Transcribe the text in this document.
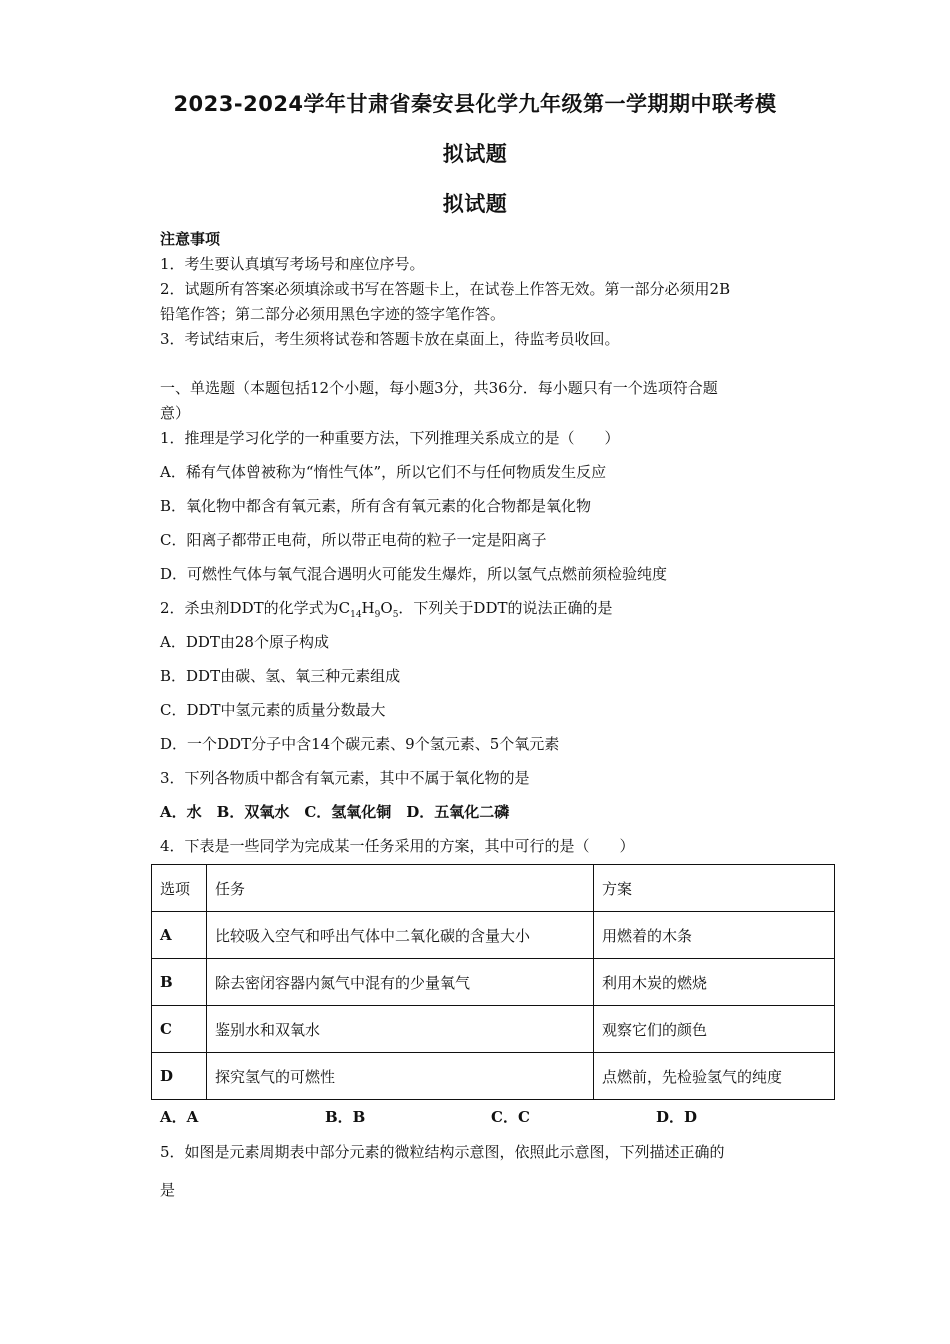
2023-2024学年甘肃省秦安县化学九年级第一学期期中联考模
拟试题
拟试题
注意事项
1．考生要认真填写考场号和座位序号。
2．试题所有答案必须填涂或书写在答题卡上，在试卷上作答无效。第一部分必须用2B
铅笔作答；第二部分必须用黑色字迹的签字笔作答。
3．考试结束后，考生须将试卷和答题卡放在桌面上，待监考员收回。
一、单选题（本题包括12个小题，每小题3分，共36分．每小题只有一个选项符合题
意）
1．推理是学习化学的一种重要方法，下列推理关系成立的是（　　）
A．稀有气体曾被称为“惰性气体”，所以它们不与任何物质发生反应
B．氧化物中都含有氧元素，所有含有氧元素的化合物都是氧化物
C．阳离子都带正电荷，所以带正电荷的粒子一定是阳离子
D．可燃性气体与氧气混合遇明火可能发生爆炸，所以氢气点燃前须检验纯度
2．杀虫剂DDT的化学式为$C_{14}H_9O_5$．下列关于DDT的说法正确的是
A．DDT由28个原子构成
B．DDT由碳、氢、氧三种元素组成
C．DDT中氢元素的质量分数最大
D．一个DDT分子中含14个碳元素、9个氢元素、5个氧元素
3．下列各物质中都含有氧元素，其中不属于氧化物的是
A．水　B．双氧水　C．氢氧化铜　D．五氧化二磷
4．下表是一些同学为完成某一任务采用的方案，其中可行的是（　　）
选项	任务	方案
A	比较吸入空气和呼出气体中二氧化碳的含量大小	用燃着的木条
B	除去密闭容器内氮气中混有的少量氧气	利用木炭的燃烧
C	鉴别水和双氧水	观察它们的颜色
D	探究氢气的可燃性	点燃前，先检验氢气的纯度
A．A	B．B	C．C	D．D
5．如图是元素周期表中部分元素的微粒结构示意图，依照此示意图，下列描述正确的
是
